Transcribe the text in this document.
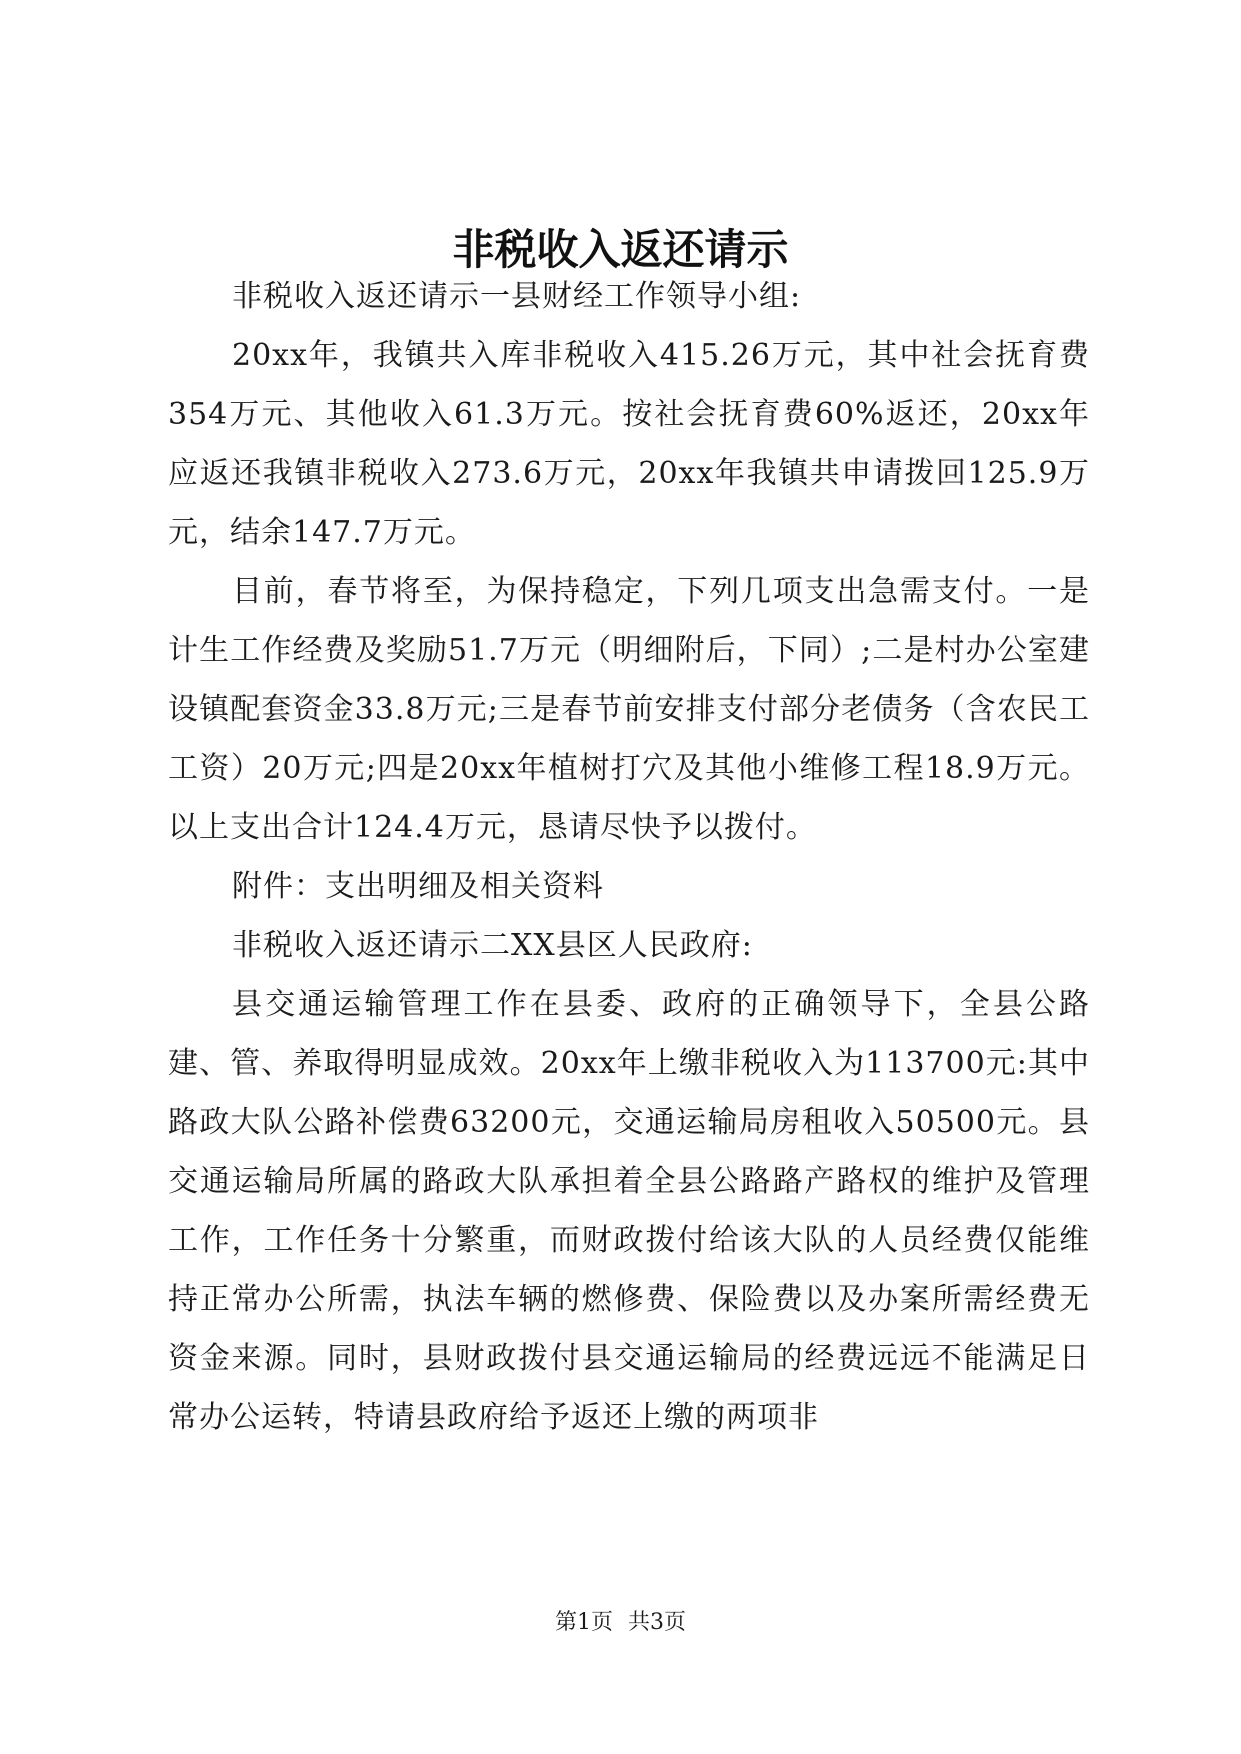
非税收入返还请示

非税收入返还请示一县财经工作领导小组:

20xx年，我镇共入库非税收入415.26万元，其中社会抚育费354万元、其他收入61.3万元。按社会抚育费60%返还，20xx年应返还我镇非税收入273.6万元，20xx年我镇共申请拨回125.9万元，结余147.7万元。

目前，春节将至，为保持稳定，下列几项支出急需支付。一是计生工作经费及奖励51.7万元（明细附后，下同）;二是村办公室建设镇配套资金33.8万元;三是春节前安排支付部分老债务（含农民工工资）20万元;四是20xx年植树打穴及其他小维修工程18.9万元。以上支出合计124.4万元，恳请尽快予以拨付。

附件：支出明细及相关资料

非税收入返还请示二XX县区人民政府:

县交通运输管理工作在县委、政府的正确领导下，全县公路建、管、养取得明显成效。20xx年上缴非税收入为113700元:其中路政大队公路补偿费63200元，交通运输局房租收入50500元。县交通运输局所属的路政大队承担着全县公路路产路权的维护及管理工作，工作任务十分繁重，而财政拨付给该大队的人员经费仅能维持正常办公所需，执法车辆的燃修费、保险费以及办案所需经费无资金来源。同时，县财政拨付县交通运输局的经费远远不能满足日常办公运转，特请县政府给予返还上缴的两项非

第1页 共3页
